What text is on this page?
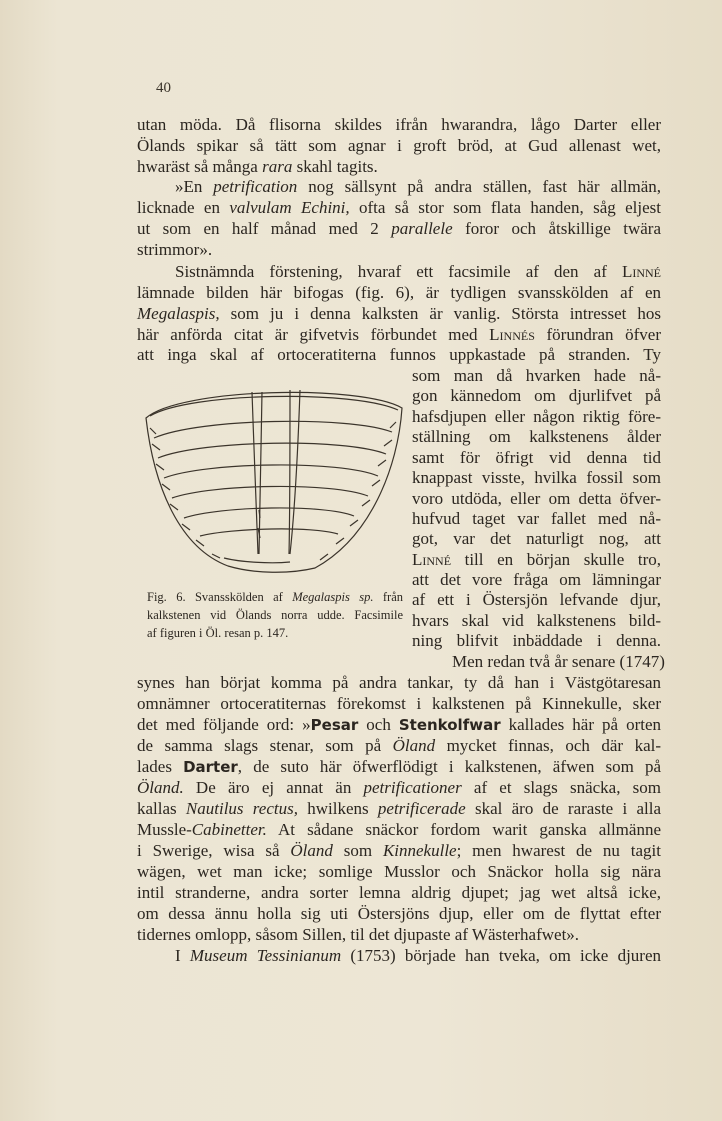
40
utan möda. Då flisorna skildes ifrån hwarandra, lågo Darter eller
Ölands spikar så tätt som agnar i groft bröd, at Gud allenast wet,
hwaräst så många rara skahl tagits.
»En petrification nog sällsynt på andra ställen, fast här allmän,
licknade en valvulam Echini, ofta så stor som flata handen, såg eljest
ut som en half månad med 2 parallele foror och åtskillige twära
strimmor».
Sistnämnda förstening, hvaraf ett facsimile af den af Linné
lämnade bilden här bifogas (fig. 6), är tydligen svansskölden af en
Megalaspis, som ju i denna kalksten är vanlig. Största intresset hos
här anförda citat är gifvetvis förbundet med Linnés förundran öfver
att inga skal af ortoceratiterna funnos uppkastade på stranden. Ty
som man då hvarken hade nå-
gon kännedom om djurlifvet på
hafsdjupen eller någon riktig före-
ställning om kalkstenens ålder
samt för öfrigt vid denna tid
knappast visste, hvilka fossil som
voro utdöda, eller om detta öfver-
hufvud taget var fallet med nå-
got, var det naturligt nog, att
Linné till en början skulle tro,
att det vore fråga om lämningar
af ett i Östersjön lefvande djur,
hvars skal vid kalkstenens bild-
ning blifvit inbäddade i denna.
Fig. 6. Svansskölden af Megalaspis sp. från
kalkstenen vid Ölands norra udde. Facsimile
af figuren i Öl. resan p. 147.
Men redan två år senare (1747)
synes han börjat komma på andra tankar, ty då han i Västgötaresan
omnämner ortoceratiternas förekomst i kalkstenen på Kinnekulle, sker
det med följande ord: »Pesar och Stenkolfwar kallades här på orten
de samma slags stenar, som på Öland mycket finnas, och där kal-
lades Darter, de suto här öfwerflödigt i kalkstenen, äfwen som på
Öland. De äro ej annat än petrificationer af et slags snäcka, som
kallas Nautilus rectus, hwilkens petrificerade skal äro de raraste i alla
Mussle-Cabinetter. At sådane snäckor fordom warit ganska allmänne
i Swerige, wisa så Öland som Kinnekulle; men hwarest de nu tagit
wägen, wet man icke; somlige Musslor och Snäckor holla sig nära
intil stranderne, andra sorter lemna aldrig djupet; jag wet altså icke,
om dessa ännu holla sig uti Östersjöns djup, eller om de flyttat efter
tidernes omlopp, såsom Sillen, til det djupaste af Wästerhafwet».
I Museum Tessinianum (1753) började han tveka, om icke djuren
